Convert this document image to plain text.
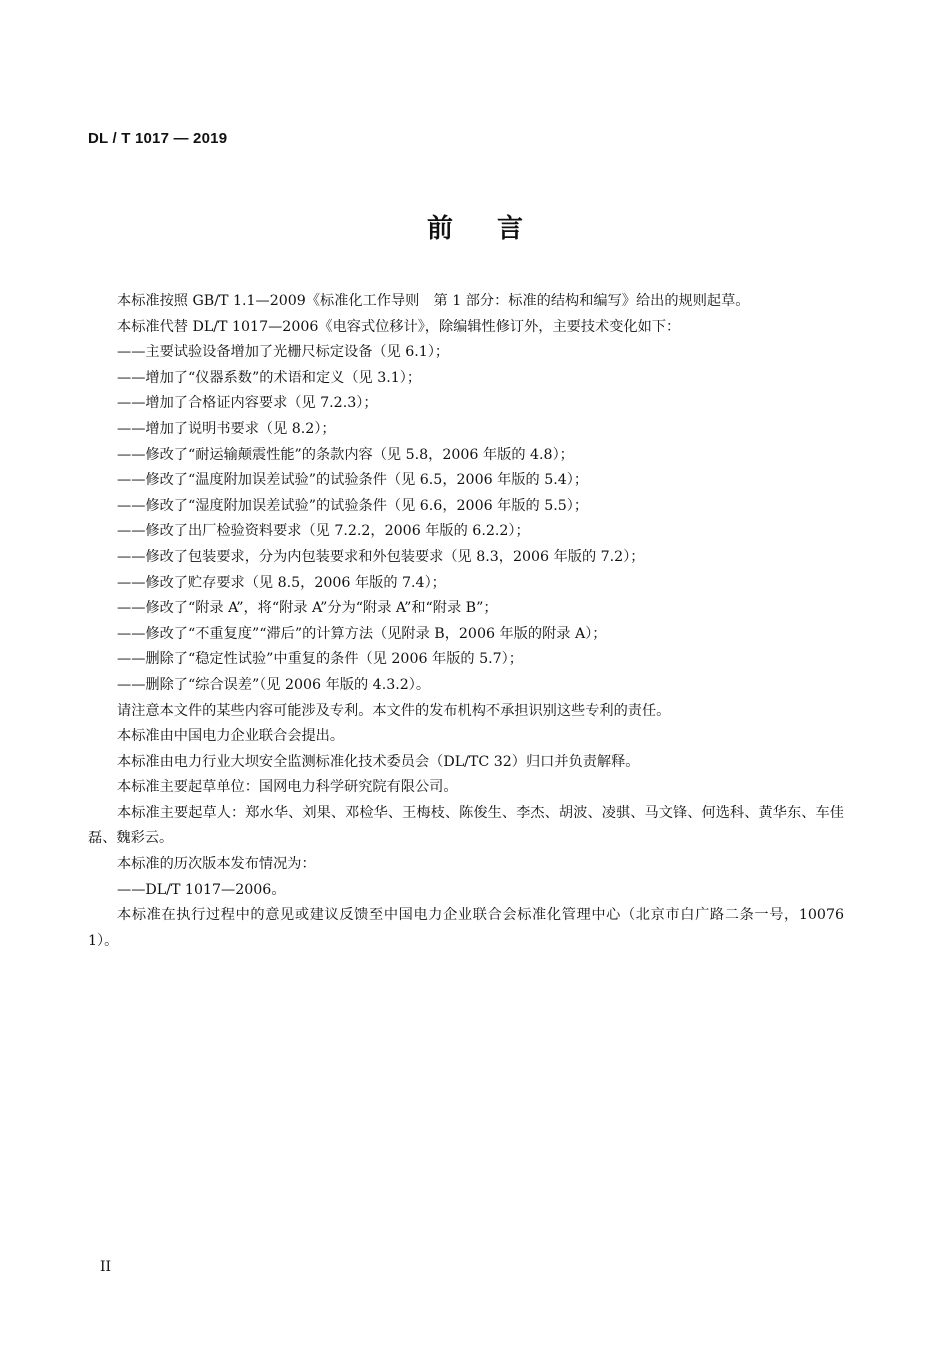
DL / T 1017 — 2019
前言

本标准按照 GB/T 1.1—2009《标准化工作导则　第 1 部分：标准的结构和编写》给出的规则起草。

本标准代替 DL/T 1017—2006《电容式位移计》，除编辑性修订外，主要技术变化如下：

——主要试验设备增加了光栅尺标定设备（见 6.1）；

——增加了“仪器系数”的术语和定义（见 3.1）；

——增加了合格证内容要求（见 7.2.3）；

——增加了说明书要求（见 8.2）；

——修改了“耐运输颠震性能”的条款内容（见 5.8，2006 年版的 4.8）；

——修改了“温度附加误差试验”的试验条件（见 6.5，2006 年版的 5.4）；

——修改了“湿度附加误差试验”的试验条件（见 6.6，2006 年版的 5.5）；

——修改了出厂检验资料要求（见 7.2.2，2006 年版的 6.2.2）；

——修改了包装要求，分为内包装要求和外包装要求（见 8.3，2006 年版的 7.2）；

——修改了贮存要求（见 8.5，2006 年版的 7.4）；

——修改了“附录 A”，将“附录 A”分为“附录 A”和“附录 B”；

——修改了“不重复度”“滞后”的计算方法（见附录 B，2006 年版的附录 A）；

——删除了“稳定性试验”中重复的条件（见 2006 年版的 5.7）；

——删除了“综合误差”（见 2006 年版的 4.3.2）。

请注意本文件的某些内容可能涉及专利。本文件的发布机构不承担识别这些专利的责任。

本标准由中国电力企业联合会提出。

本标准由电力行业大坝安全监测标准化技术委员会（DL/TC 32）归口并负责解释。

本标准主要起草单位：国网电力科学研究院有限公司。

本标准主要起草人：郑水华、刘果、邓检华、王梅枝、陈俊生、李杰、胡波、凌骐、马文锋、何选科、黄华东、车佳磊、魏彩云。

本标准的历次版本发布情况为：

——DL/T 1017—2006。

本标准在执行过程中的意见或建议反馈至中国电力企业联合会标准化管理中心（北京市白广路二条一号，100761）。

II
